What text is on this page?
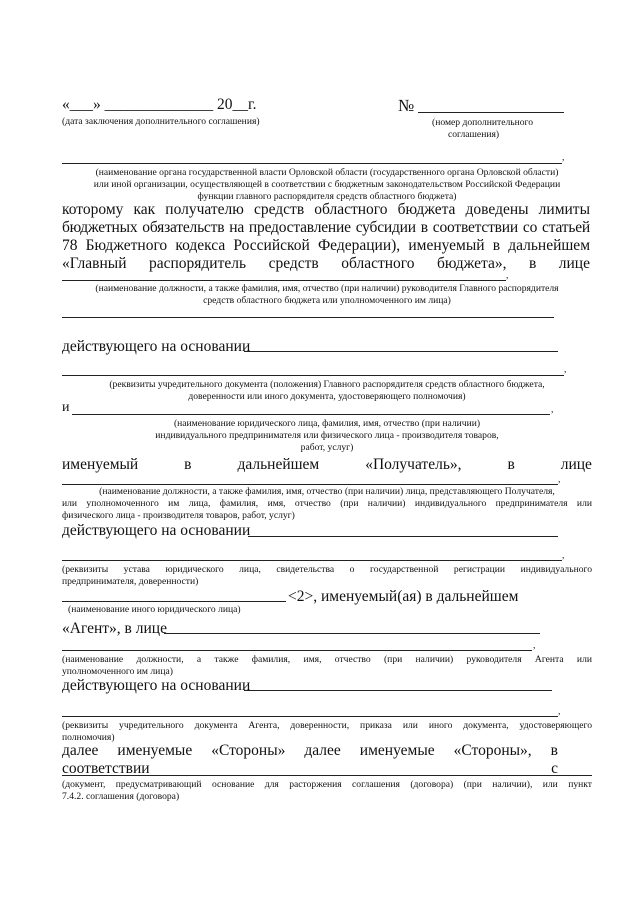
«___» ______________ 20__г.
(дата заключения дополнительного соглашения)
№
(номер дополнительного
соглашения)
,
(наименование органа государственной власти Орловской области (государственного органа Орловской области)
или иной организации, осуществляющей в соответствии с бюджетным законодательством Российской Федерации
функции главного распорядителя средств областного бюджета)
которому как получателю средств областного бюджета доведены лимиты
бюджетных обязательств на предоставление субсидии в соответствии со статьей
78 Бюджетного кодекса Российской Федерации), именуемый в дальнейшем
«Главный распорядитель средств областного бюджета», в лице
,
(наименование должности, а также фамилия, имя, отчество (при наличии) руководителя Главного распорядителя
средств областного бюджета или уполномоченного им лица)
действующего на основании
,
(реквизиты учредительного документа (положения) Главного распорядителя средств областного бюджета,
доверенности или иного документа, удостоверяющего полномочия)
и	,
(наименование юридического лица, фамилия, имя, отчество (при наличии)
индивидуального предпринимателя или физического лица - производителя товаров,
работ, услуг)
именуемый	в	дальнейшем	«Получатель»,	в	лице
,
(наименование должности, а также фамилия, имя, отчество (при наличии) лица, представляющего Получателя,
или уполномоченного им лица, фамилия, имя, отчество (при наличии) индивидуального предпринимателя или
физического лица - производителя товаров, работ, услуг)
действующего на основании
,
(реквизиты устава юридического лица, свидетельства о государственной регистрации индивидуального
предпринимателя, доверенности)
<2>, именуемый(ая) в дальнейшем
(наименование иного юридического лица)
«Агент», в лице
,
(наименование должности, а также фамилия, имя, отчество (при наличии) руководителя Агента или
уполномоченного им лица)
действующего на основании
,
(реквизиты учредительного документа Агента, доверенности, приказа или иного документа, удостоверяющего
полномочия)
далее именуемые «Стороны» далее именуемые «Стороны», в соответствии с
(документ, предусматривающий основание для расторжения соглашения (договора) (при наличии), или пункт
7.4.2. соглашения (договора)
